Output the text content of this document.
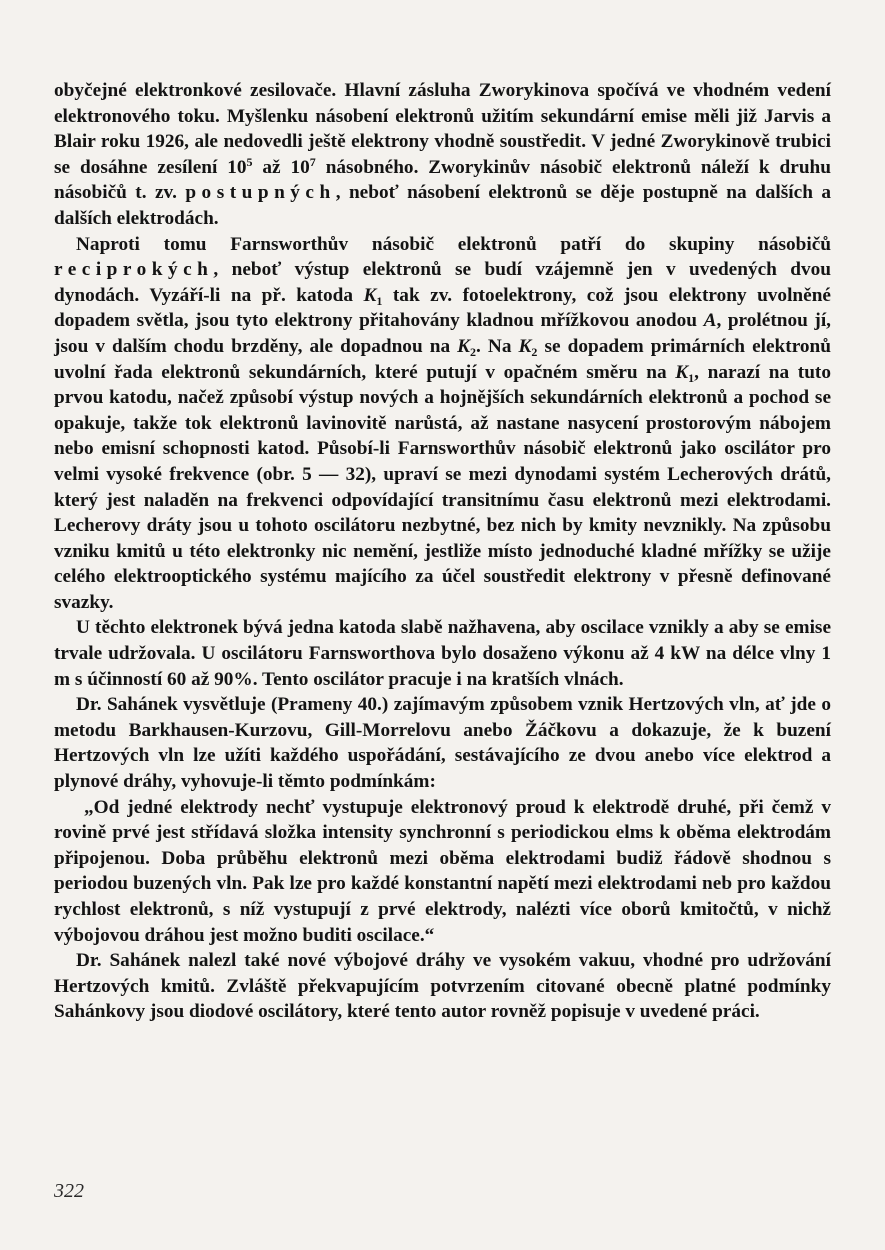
obyčejné elektronkové zesilovače. Hlavní zásluha Zworykinova spočívá ve vhodném vedení elektronového toku. Myšlenku násobení elektronů užitím sekundární emise měli již Jarvis a Blair roku 1926, ale nedovedli ještě elektrony vhodně soustředit. V jedné Zworykinově trubici se dosáhne zesílení $10^5$ až $10^7$ násobného. Zworykinův násobič elektronů náleží k druhu násobičů t. zv. postupných, neboť násobení elektronů se děje postupně na dalších a dalších elektrodách.

Naproti tomu Farnsworthův násobič elektronů patří do skupiny násobičů reciprokých, neboť výstup elektronů se budí vzájemně jen v uvedených dvou dynodách. Vyzáří-li na př. katoda $K_1$ tak zv. fotoelektrony, což jsou elektrony uvolněné dopadem světla, jsou tyto elektrony přitahovány kladnou mřížkovou anodou A, prolétnou jí, jsou v dalším chodu brzděny, ale dopadnou na $K_2$. Na $K_2$ se dopadem primárních elektronů uvolní řada elektronů sekundárních, které putují v opačném směru na $K_1$, narazí na tuto prvou katodu, načež způsobí výstup nových a hojnějších sekundárních elektronů a pochod se opakuje, takže tok elektronů lavinovitě narůstá, až nastane nasycení prostorovým nábojem nebo emisní schopnosti katod. Působí-li Farnsworthův násobič elektronů jako oscilátor pro velmi vysoké frekvence (obr. 5 — 32), upraví se mezi dynodami systém Lecherových drátů, který jest naladěn na frekvenci odpovídající transitnímu času elektronů mezi elektrodami. Lecherovy dráty jsou u tohoto oscilátoru nezbytné, bez nich by kmity nevznikly. Na způsobu vzniku kmitů u této elektronky nic nemění, jestliže místo jednoduché kladné mřížky se užije celého elektrooptického systému majícího za účel soustředit elektrony v přesně definované svazky.

U těchto elektronek bývá jedna katoda slabě nažhavena, aby oscilace vznikly a aby se emise trvale udržovala. U oscilátoru Farnsworthova bylo dosaženo výkonu až 4 kW na délce vlny 1 m s účinností 60 až 90%. Tento oscilátor pracuje i na kratších vlnách.

Dr. Sahánek vysvětluje (Prameny 40.) zajímavým způsobem vznik Hertzových vln, ať jde o metodu Barkhausen-Kurzovu, Gill-Morrelovu anebo Žáčkovu a dokazuje, že k buzení Hertzových vln lze užíti každého uspořádání, sestávajícího ze dvou anebo více elektrod a plynové dráhy, vyhovuje-li těmto podmínkám:

„Od jedné elektrody nechť vystupuje elektronový proud k elektrodě druhé, při čemž v rovině prvé jest střídavá složka intensity synchronní s periodickou elms k oběma elektrodám připojenou. Doba průběhu elektronů mezi oběma elektrodami budiž řádově shodnou s periodou buzených vln. Pak lze pro každé konstantní napětí mezi elektrodami neb pro každou rychlost elektronů, s níž vystupují z prvé elektrody, nalézti více oborů kmitočtů, v nichž výbojovou dráhou jest možno buditi oscilace.“

Dr. Sahánek nalezl také nové výbojové dráhy ve vysokém vakuu, vhodné pro udržování Hertzových kmitů. Zvláště překvapujícím potvrzením citované obecně platné podmínky Sahánkovy jsou diodové oscilátory, které tento autor rovněž popisuje v uvedené práci.

322
